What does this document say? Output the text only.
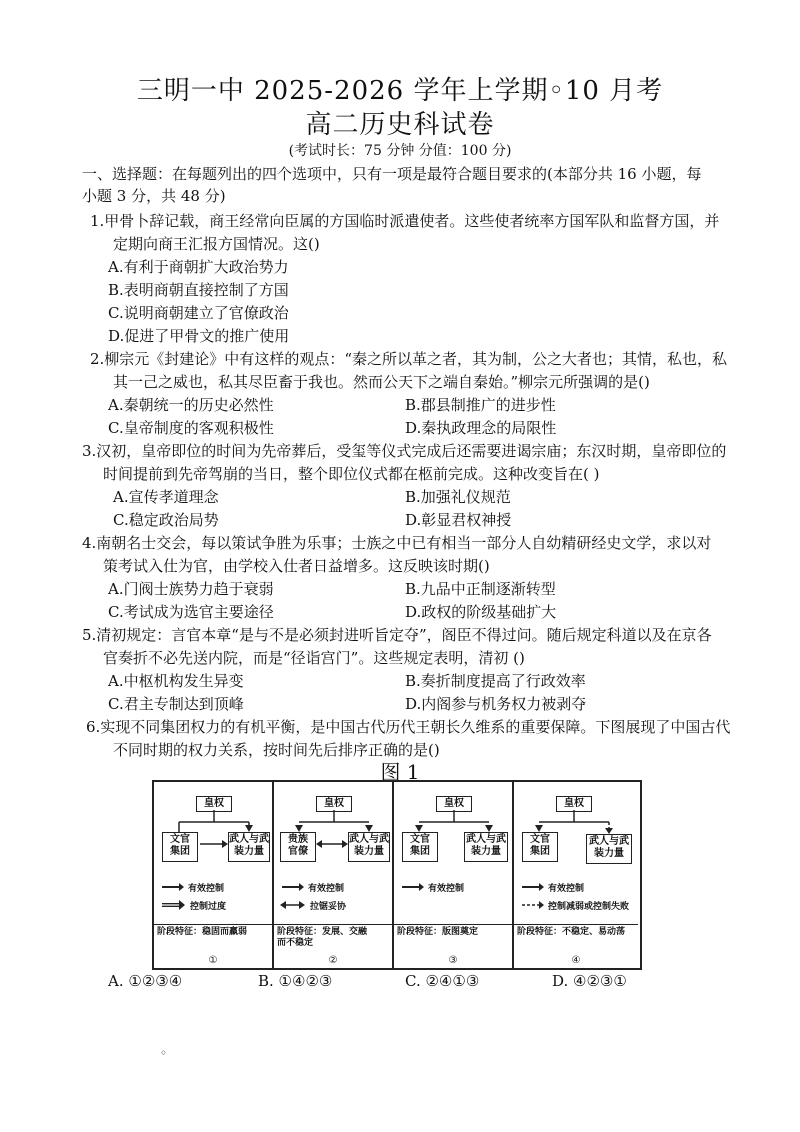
三明一中 2025-2026 学年上学期◦10 月考
高二历史科试卷
(考试时长：75 分钟 分值：100 分)
一、选择题：在每题列出的四个选项中，只有一项是最符合题目要求的(本部分共 16 小题，每
小题 3 分，共 48 分)
1.甲骨卜辞记载，商王经常向臣属的方国临时派遣使者。这些使者统率方国军队和监督方国，并
定期向商王汇报方国情况。这()
A.有利于商朝扩大政治势力
B.表明商朝直接控制了方国
C.说明商朝建立了官僚政治
D.促进了甲骨文的推广使用
2.柳宗元《封建论》中有这样的观点：“秦之所以革之者，其为制，公之大者也；其情，私也，私
其一己之威也，私其尽臣畜于我也。然而公天下之端自秦始。”柳宗元所强调的是()
A.秦朝统一的历史必然性	B.郡县制推广的进步性
C.皇帝制度的客观积极性	D.秦执政理念的局限性
3.汉初，皇帝即位的时间为先帝葬后，受玺等仪式完成后还需要进谒宗庙；东汉时期，皇帝即位的
时间提前到先帝驾崩的当日，整个即位仪式都在柩前完成。这种改变旨在( )
A.宣传孝道理念	B.加强礼仪规范
C.稳定政治局势	D.彰显君权神授
4.南朝名士交会，每以策试争胜为乐事；士族之中已有相当一部分人自幼精研经史文学，求以对
策考试入仕为官，由学校入仕者日益增多。这反映该时期()
A.门阀士族势力趋于衰弱	B.九品中正制逐渐转型
C.考试成为选官主要途径	D.政权的阶级基础扩大
5.清初规定：言官本章“是与不是必须封进听旨定夺”，阁臣不得过问。随后规定科道以及在京各
官奏折不必先送内院，而是“径诣宫门”。这些规定表明，清初 ()
A.中枢机构发生异变	B.奏折制度提高了行政效率
C.君主专制达到顶峰	D.内阁参与机务权力被剥夺
6.实现不同集团权力的有机平衡，是中国古代历代王朝长久维系的重要保障。下图展现了中国古代
不同时期的权力关系，按时间先后排序正确的是()
图 1
皇权
文官
集团
武人与武
装力量
有效控制
控制过度
阶段特征：稳固而羸弱
①
皇权
贵族
官僚
武人与武
装力量
有效控制
拉锯妥协
阶段特征：发展、交融
而不稳定
②
皇权
文官
集团
武人与武
装力量
有效控制
阶段特征：版图奠定
③
皇权
文官
集团
武人与武
装力量
有效控制
控制减弱或控制失败
阶段特征：不稳定、易动荡
④
A. ①②③④	B. ①④②③	C. ②④①③	D. ④②③①
◦
